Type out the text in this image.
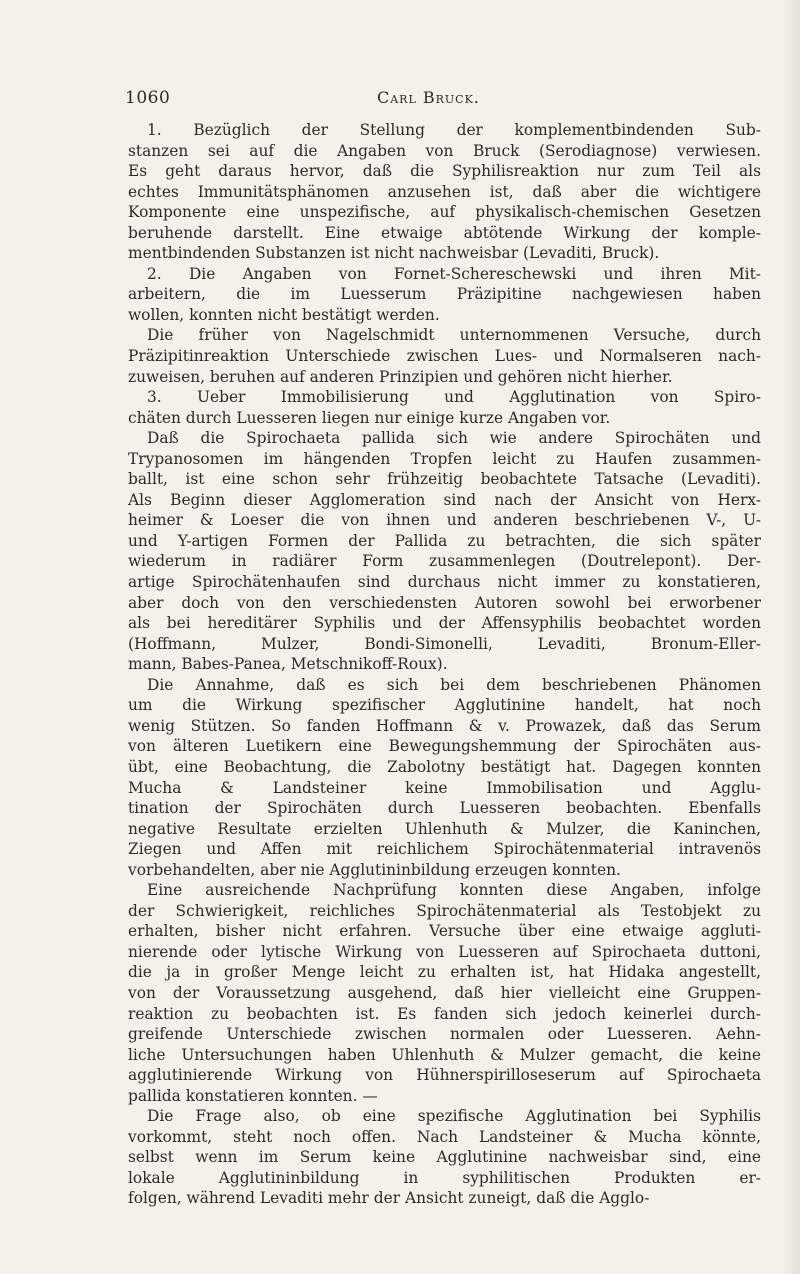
1060	Carl Bruck.
1. Bezüglich der Stellung der komplementbindenden Sub-
stanzen sei auf die Angaben von Bruck (Serodiagnose) verwiesen.
Es geht daraus hervor, daß die Syphilisreaktion nur zum Teil als
echtes Immunitätsphänomen anzusehen ist, daß aber die wichtigere
Komponente eine unspezifische, auf physikalisch-chemischen Gesetzen
beruhende darstellt. Eine etwaige abtötende Wirkung der komple-
mentbindenden Substanzen ist nicht nachweisbar (Levaditi, Bruck).
2. Die Angaben von Fornet-Schereschewski und ihren Mit-
arbeitern, die im Luesserum Präzipitine nachgewiesen haben
wollen, konnten nicht bestätigt werden.
Die früher von Nagelschmidt unternommenen Versuche, durch
Präzipitinreaktion Unterschiede zwischen Lues- und Normalseren nach-
zuweisen, beruhen auf anderen Prinzipien und gehören nicht hierher.
3. Ueber Immobilisierung und Agglutination von Spiro-
chäten durch Luesseren liegen nur einige kurze Angaben vor.
Daß die Spirochaeta pallida sich wie andere Spirochäten und
Trypanosomen im hängenden Tropfen leicht zu Haufen zusammen-
ballt, ist eine schon sehr frühzeitig beobachtete Tatsache (Levaditi).
Als Beginn dieser Agglomeration sind nach der Ansicht von Herx-
heimer & Loeser die von ihnen und anderen beschriebenen V-, U-
und Y-artigen Formen der Pallida zu betrachten, die sich später
wiederum in radiärer Form zusammenlegen (Doutrelepont). Der-
artige Spirochätenhaufen sind durchaus nicht immer zu konstatieren,
aber doch von den verschiedensten Autoren sowohl bei erworbener
als bei hereditärer Syphilis und der Affensyphilis beobachtet worden
(Hoffmann, Mulzer, Bondi-Simonelli, Levaditi, Bronum-Eller-
mann, Babes-Panea, Metschnikoff-Roux).
Die Annahme, daß es sich bei dem beschriebenen Phänomen
um die Wirkung spezifischer Agglutinine handelt, hat noch
wenig Stützen. So fanden Hoffmann & v. Prowazek, daß das Serum
von älteren Luetikern eine Bewegungshemmung der Spirochäten aus-
übt, eine Beobachtung, die Zabolotny bestätigt hat. Dagegen konnten
Mucha & Landsteiner keine Immobilisation und Agglu-
tination der Spirochäten durch Luesseren beobachten. Ebenfalls
negative Resultate erzielten Uhlenhuth & Mulzer, die Kaninchen,
Ziegen und Affen mit reichlichem Spirochätenmaterial intravenös
vorbehandelten, aber nie Agglutininbildung erzeugen konnten.
Eine ausreichende Nachprüfung konnten diese Angaben, infolge
der Schwierigkeit, reichliches Spirochätenmaterial als Testobjekt zu
erhalten, bisher nicht erfahren. Versuche über eine etwaige aggluti-
nierende oder lytische Wirkung von Luesseren auf Spirochaeta duttoni,
die ja in großer Menge leicht zu erhalten ist, hat Hidaka angestellt,
von der Voraussetzung ausgehend, daß hier vielleicht eine Gruppen-
reaktion zu beobachten ist. Es fanden sich jedoch keinerlei durch-
greifende Unterschiede zwischen normalen oder Luesseren. Aehn-
liche Untersuchungen haben Uhlenhuth & Mulzer gemacht, die keine
agglutinierende Wirkung von Hühnerspirilloseserum auf Spirochaeta
pallida konstatieren konnten. —
Die Frage also, ob eine spezifische Agglutination bei Syphilis
vorkommt, steht noch offen. Nach Landsteiner & Mucha könnte,
selbst wenn im Serum keine Agglutinine nachweisbar sind, eine
lokale Agglutininbildung in syphilitischen Produkten er-
folgen, während Levaditi mehr der Ansicht zuneigt, daß die Agglo-
